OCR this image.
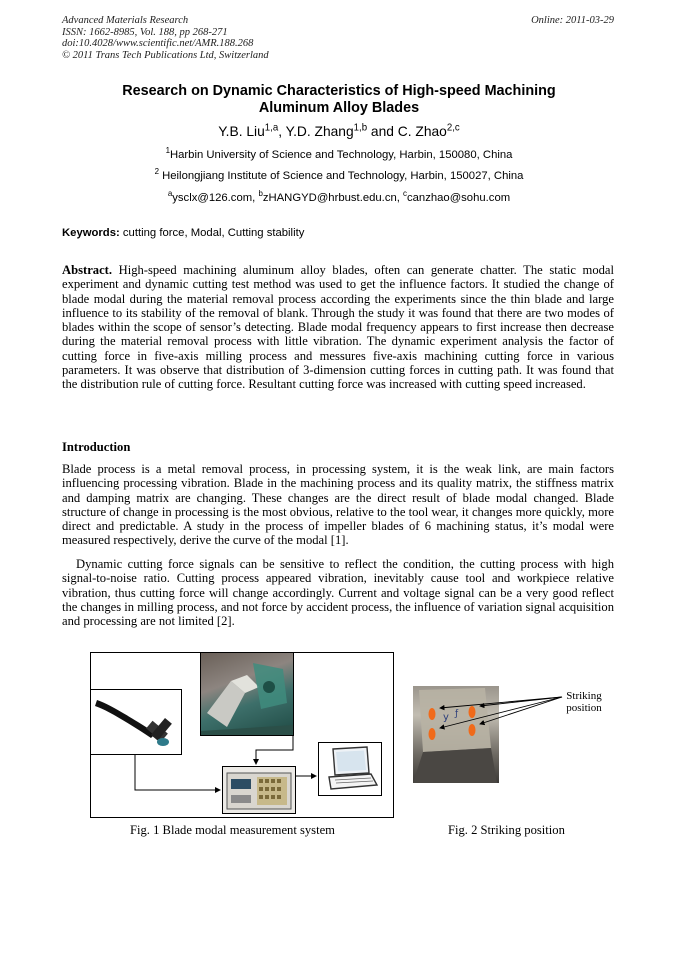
Advanced Materials Research
ISSN: 1662-8985, Vol. 188, pp 268-271
doi:10.4028/www.scientific.net/AMR.188.268
© 2011 Trans Tech Publications Ltd, Switzerland
Online: 2011-03-29
Research on Dynamic Characteristics of High-speed Machining
Aluminum Alloy Blades
Y.B. Liu$^{1,a}$, Y.D. Zhang$^{1,b}$ and C. Zhao$^{2,c}$
$^1$Harbin University of Science and Technology, Harbin, 150080, China
$^2$ Heilongjiang Institute of Science and Technology, Harbin, 150027, China
$^a$ysclx@126.com, $^b$zHANGYD@hrbust.edu.cn, $^c$canzhao@sohu.com
Keywords: cutting force, Modal, Cutting stability
Abstract. High-speed machining aluminum alloy blades, often can generate chatter. The static modal experiment and dynamic cutting test method was used to get the influence factors. It studied the change of blade modal during the material removal process according the experiments since the thin blade and large influence to its stability of the removal of blank. Through the study it was found that there are two modes of blades within the scope of sensor’s detecting. Blade modal frequency appears to first increase then decrease during the material removal process with little vibration. The dynamic experiment analysis the factor of cutting force in five-axis milling process and messures five-axis machining cutting force in various parameters. It was observe that distribution of 3-dimension cutting forces in cutting path. It was found that the distribution rule of cutting force. Resultant cutting force was increased with cutting speed increased.
Introduction
Blade process is a metal removal process, in processing system, it is the weak link, are main factors influencing processing vibration. Blade in the machining process and its quality matrix, the stiffness matrix and damping matrix are changing. These changes are the direct result of blade modal changed. Blade structure of change in processing is the most obvious, relative to the tool wear, it changes more quickly, more direct and predictable. A study in the process of impeller blades of 6 machining status, it’s modal were measured respectively, derive the curve of the modal [1].
Dynamic cutting force signals can be sensitive to reflect the condition, the cutting process with high signal-to-noise ratio. Cutting process appeared vibration, inevitably cause tool and workpiece relative vibration, thus cutting force will change accordingly. Current and voltage signal can be a very good reflect the changes in milling process, and not force by accident process, the influence of variation signal acquisition and processing are not limited [2].
Fig. 1 Blade modal measurement system
y ƒ
Striking
position
Fig. 2 Striking position
